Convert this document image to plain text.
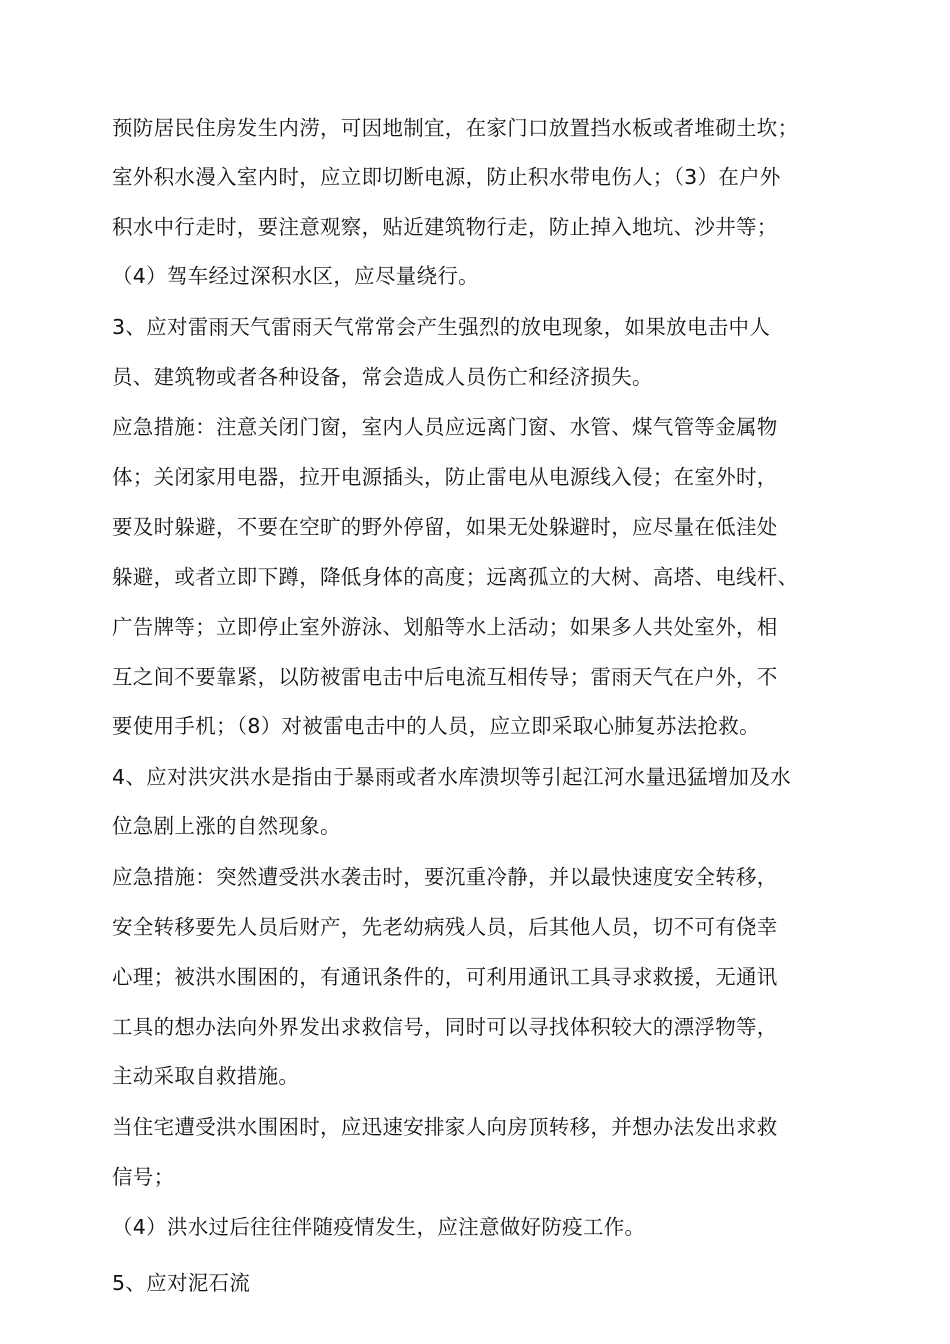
预防居民住房发生内涝，可因地制宜，在家门口放置挡水板或者堆砌土坎；
室外积水漫入室内时，应立即切断电源，防止积水带电伤人；（3）在户外
积水中行走时，要注意观察，贴近建筑物行走，防止掉入地坑、沙井等；
（4）驾车经过深积水区，应尽量绕行。
3、应对雷雨天气雷雨天气常常会产生强烈的放电现象，如果放电击中人
员、建筑物或者各种设备，常会造成人员伤亡和经济损失。
应急措施：注意关闭门窗，室内人员应远离门窗、水管、煤气管等金属物
体；关闭家用电器，拉开电源插头，防止雷电从电源线入侵；在室外时，
要及时躲避，不要在空旷的野外停留，如果无处躲避时，应尽量在低洼处
躲避，或者立即下蹲，降低身体的高度；远离孤立的大树、高塔、电线杆、
广告牌等；立即停止室外游泳、划船等水上活动；如果多人共处室外，相
互之间不要靠紧，以防被雷电击中后电流互相传导；雷雨天气在户外，不
要使用手机；（8）对被雷电击中的人员，应立即采取心肺复苏法抢救。
4、应对洪灾洪水是指由于暴雨或者水库溃坝等引起江河水量迅猛增加及水
位急剧上涨的自然现象。
应急措施：突然遭受洪水袭击时，要沉重冷静，并以最快速度安全转移，
安全转移要先人员后财产，先老幼病残人员，后其他人员，切不可有侥幸
心理；被洪水围困的，有通讯条件的，可利用通讯工具寻求救援，无通讯
工具的想办法向外界发出求救信号，同时可以寻找体积较大的漂浮物等，
主动采取自救措施。
当住宅遭受洪水围困时，应迅速安排家人向房顶转移，并想办法发出求救
信号；
（4）洪水过后往往伴随疫情发生，应注意做好防疫工作。
5、应对泥石流
